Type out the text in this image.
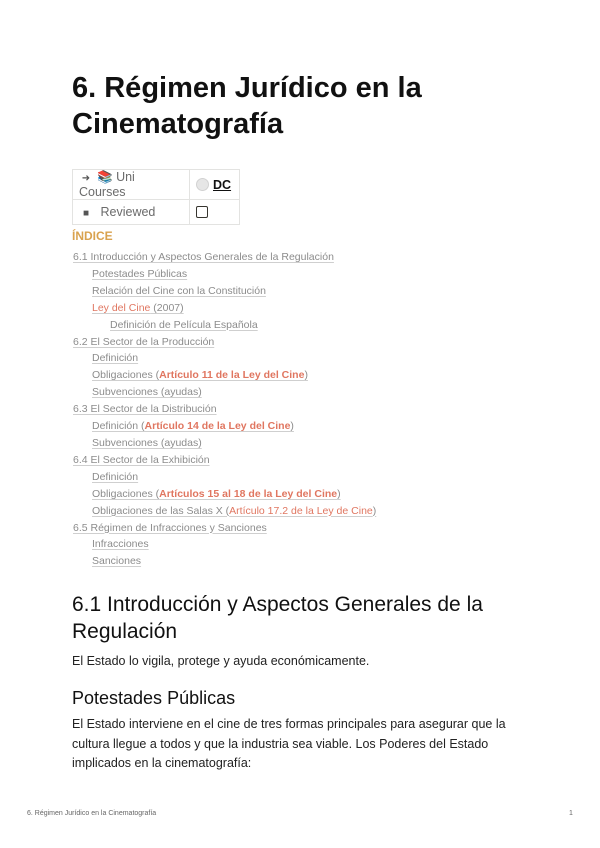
6. Régimen Jurídico en la Cinematografía
➜ 📚 Uni Courses	DC
■ Reviewed	
ÍNDICE
6.1 Introducción y Aspectos Generales de la Regulación
Potestades Públicas
Relación del Cine con la Constitución
Ley del Cine (2007)
Definición de Película Española
6.2 El Sector de la Producción
Definición
Obligaciones (Artículo 11 de la Ley del Cine)
Subvenciones (ayudas)
6.3 El Sector de la Distribución
Definición (Artículo 14 de la Ley del Cine)
Subvenciones (ayudas)
6.4 El Sector de la Exhibición
Definición
Obligaciones (Artículos 15 al 18 de la Ley del Cine)
Obligaciones de las Salas X (Artículo 17.2 de la Ley de Cine)
6.5 Régimen de Infracciones y Sanciones
Infracciones
Sanciones
6.1 Introducción y Aspectos Generales de la Regulación

El Estado lo vigila, protege y ayuda económicamente.

Potestades Públicas

El Estado interviene en el cine de tres formas principales para asegurar que la cultura llegue a todos y que la industria sea viable. Los Poderes del Estado implicados en la cinematografía:

6. Régimen Jurídico en la Cinematografía	1
